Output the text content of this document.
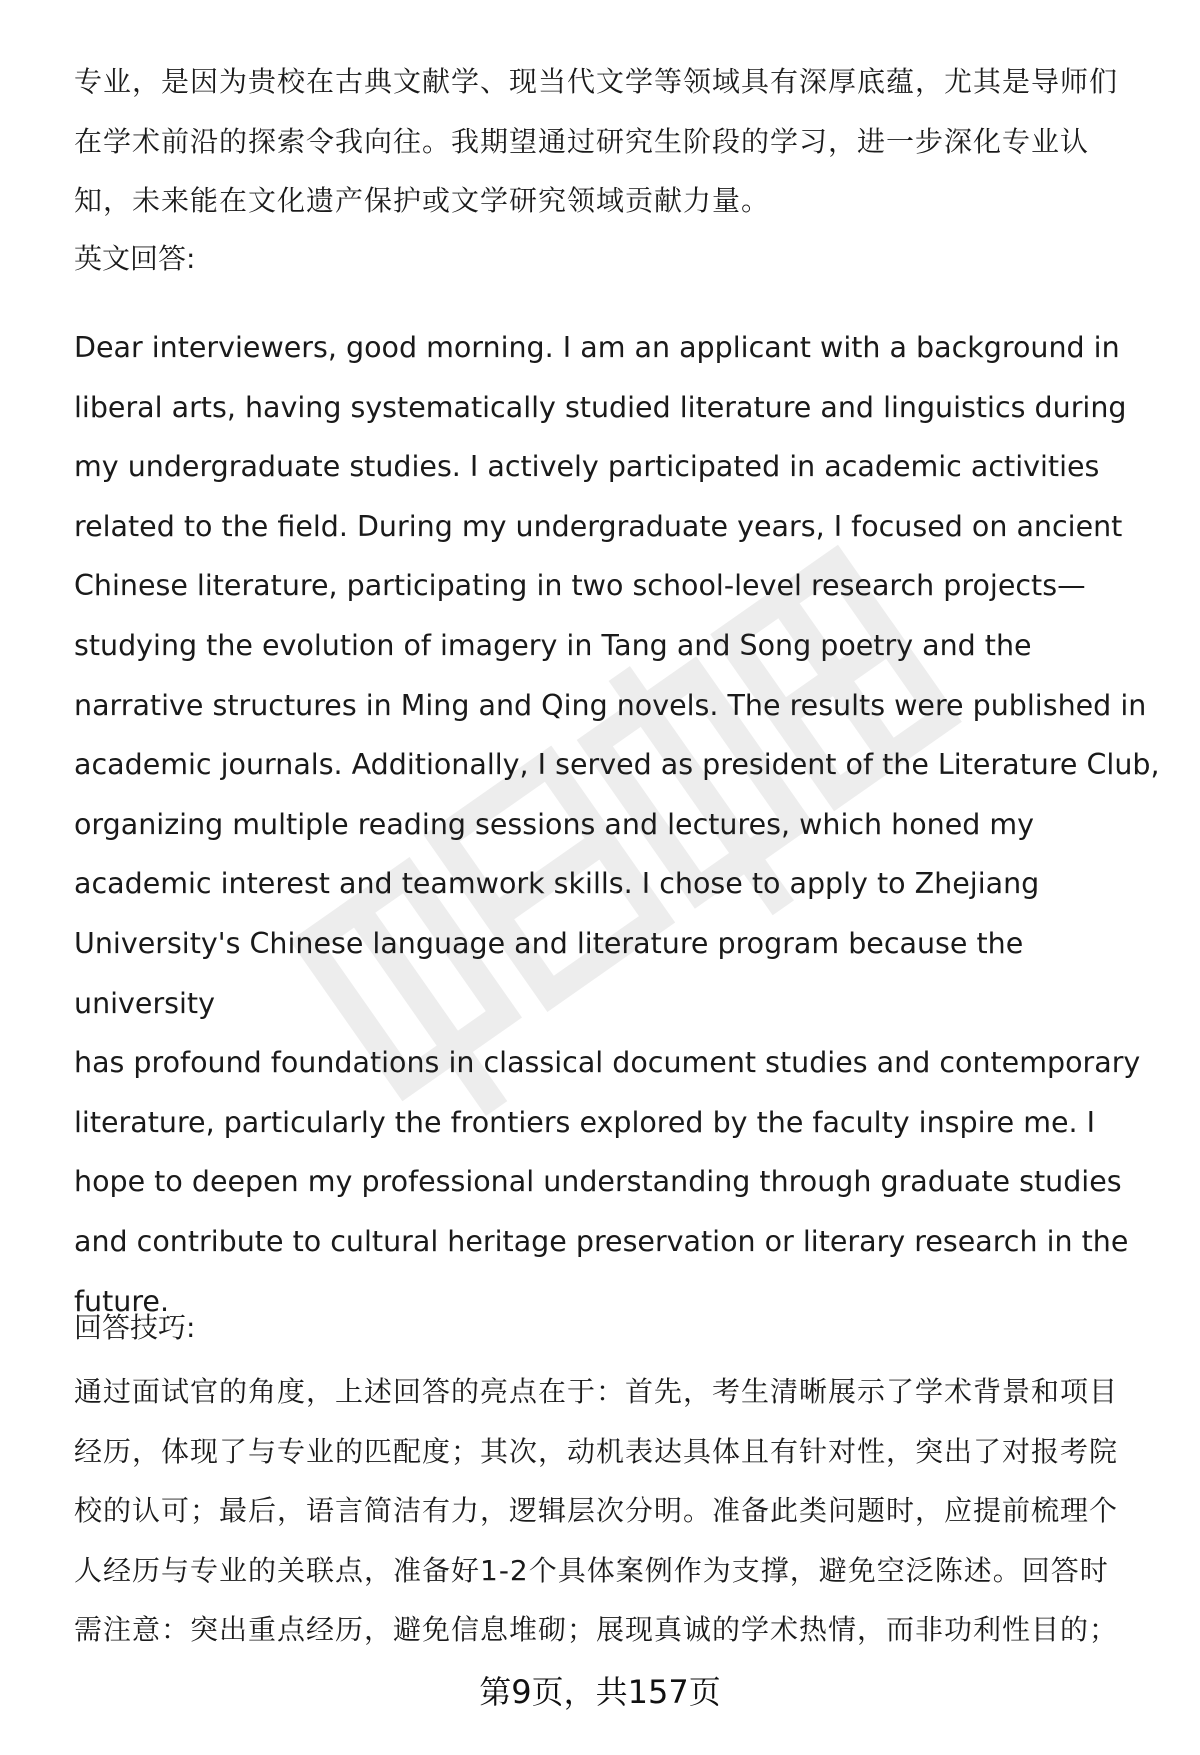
专业，是因为贵校在古典文献学、现当代文学等领域具有深厚底蕴，尤其是导师们
在学术前沿的探索令我向往。我期望通过研究生阶段的学习，进一步深化专业认
知，未来能在文化遗产保护或文学研究领域贡献力量。

英文回答:

Dear interviewers, good morning. I am an applicant with a background in
liberal arts, having systematically studied literature and linguistics during
my undergraduate studies. I actively participated in academic activities
related to the field. During my undergraduate years, I focused on ancient
Chinese literature, participating in two school-level research projects—
studying the evolution of imagery in Tang and Song poetry and the
narrative structures in Ming and Qing novels. The results were published in
academic journals. Additionally, I served as president of the Literature Club,
organizing multiple reading sessions and lectures, which honed my
academic interest and teamwork skills. I chose to apply to Zhejiang
University's Chinese language and literature program because the university
has profound foundations in classical document studies and contemporary
literature, particularly the frontiers explored by the faculty inspire me. I
hope to deepen my professional understanding through graduate studies
and contribute to cultural heritage preservation or literary research in the
future.

回答技巧:

通过面试官的角度，上述回答的亮点在于：首先，考生清晰展示了学术背景和项目
经历，体现了与专业的匹配度；其次，动机表达具体且有针对性，突出了对报考院
校的认可；最后，语言简洁有力，逻辑层次分明。准备此类问题时，应提前梳理个
人经历与专业的关联点，准备好1-2个具体案例作为支撑，避免空泛陈述。回答时
需注意：突出重点经历，避免信息堆砌；展现真诚的学术热情，而非功利性目的；

第9页，共157页
